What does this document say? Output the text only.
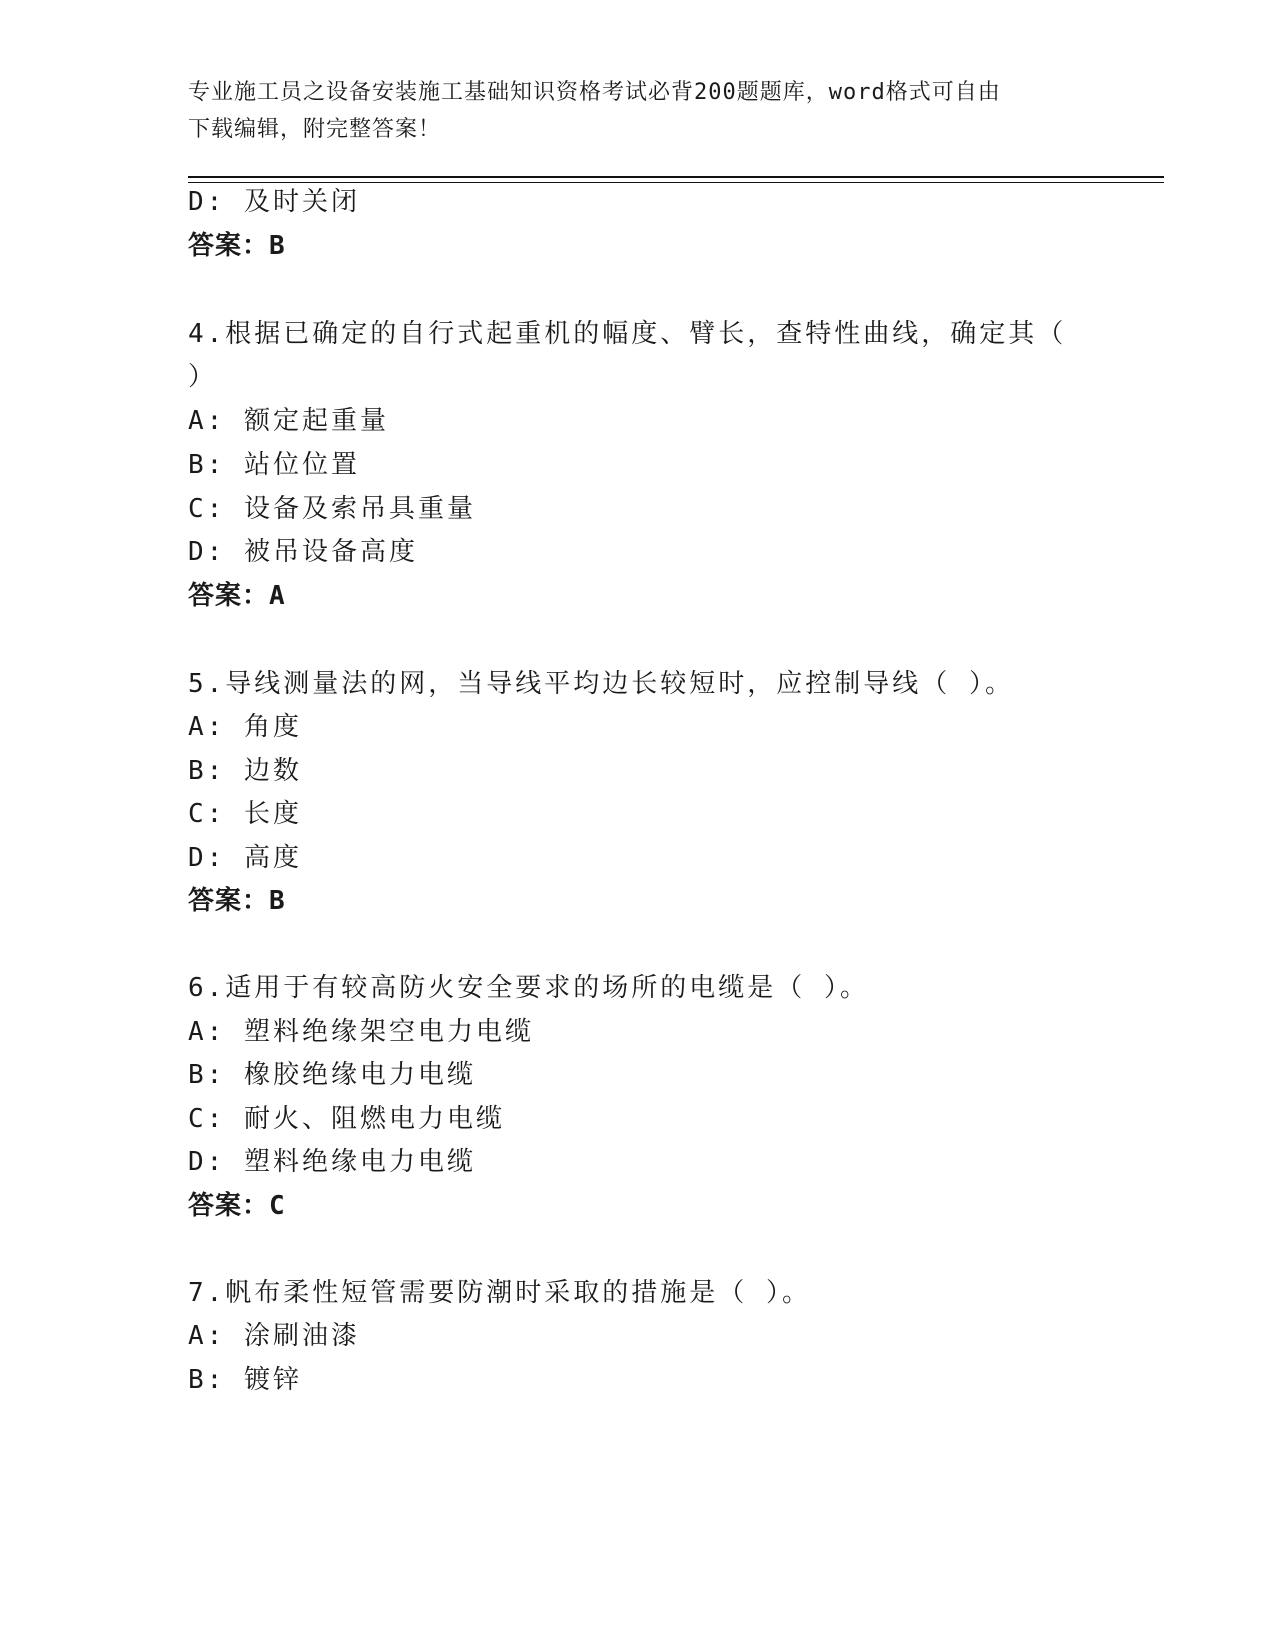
专业施工员之设备安装施工基础知识资格考试必背200题题库，word格式可自由
下载编辑，附完整答案！
D: 及时关闭
答案：B
4.根据已确定的自行式起重机的幅度、臂长，查特性曲线，确定其（
）
A: 额定起重量
B: 站位位置
C: 设备及索吊具重量
D: 被吊设备高度
答案：A
5.导线测量法的网，当导线平均边长较短时，应控制导线（ ）。
A: 角度
B: 边数
C: 长度
D: 高度
答案：B
6.适用于有较高防火安全要求的场所的电缆是（ ）。
A: 塑料绝缘架空电力电缆
B: 橡胶绝缘电力电缆
C: 耐火、阻燃电力电缆
D: 塑料绝缘电力电缆
答案：C
7.帆布柔性短管需要防潮时采取的措施是（ ）。
A: 涂刷油漆
B: 镀锌
